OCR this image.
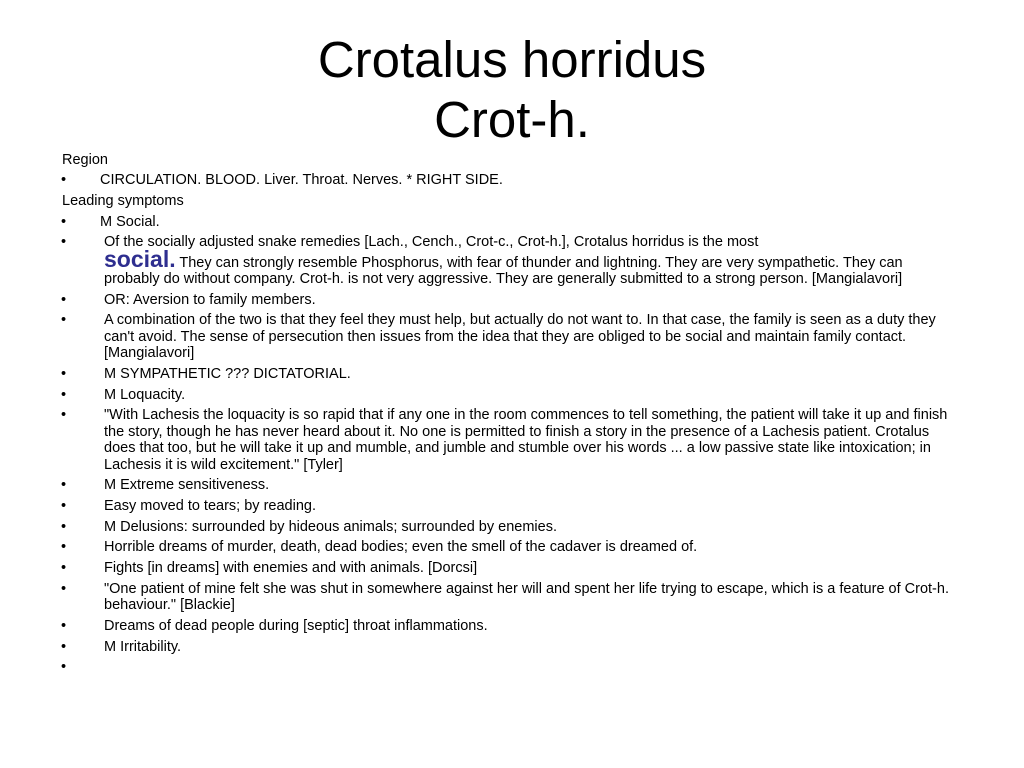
Crotalus horridus
Crot-h.
Region
• CIRCULATION. BLOOD. Liver. Throat. Nerves. * RIGHT SIDE.
Leading symptoms
• M Social.
•	Of the socially adjusted snake remedies [Lach., Cench., Crot-c., Crot-h.], Crotalus horridus is the most
social. They can strongly resemble Phosphorus, with fear of thunder and lightning. They are very sympathetic. They can probably do without company. Crot-h. is not very aggressive. They are generally submitted to a strong person. [Mangialavori]
•	OR: Aversion to family members.
•	A combination of the two is that they feel they must help, but actually do not want to. In that case, the family is seen as a duty they can't avoid. The sense of persecution then issues from the idea that they are obliged to be social and maintain family contact. [Mangialavori]
•	M SYMPATHETIC ??? DICTATORIAL.
•	M Loquacity.
•	"With Lachesis the loquacity is so rapid that if any one in the room commences to tell something, the patient will take it up and finish the story, though he has never heard about it. No one is permitted to finish a story in the presence of a Lachesis patient. Crotalus does that too, but he will take it up and mumble, and jumble and stumble over his words ... a low passive state like intoxication; in Lachesis it is wild excitement." [Tyler]
•	M Extreme sensitiveness.
•	Easy moved to tears; by reading.
•	M Delusions: surrounded by hideous animals; surrounded by enemies.
•	Horrible dreams of murder, death, dead bodies; even the smell of the cadaver is dreamed of.
•	Fights [in dreams] with enemies and with animals. [Dorcsi]
•	"One patient of mine felt she was shut in somewhere against her will and spent her life trying to escape, which is a feature of Crot-h. behaviour." [Blackie]
•	Dreams of dead people during [septic] throat inflammations.
•	M Irritability.
•
